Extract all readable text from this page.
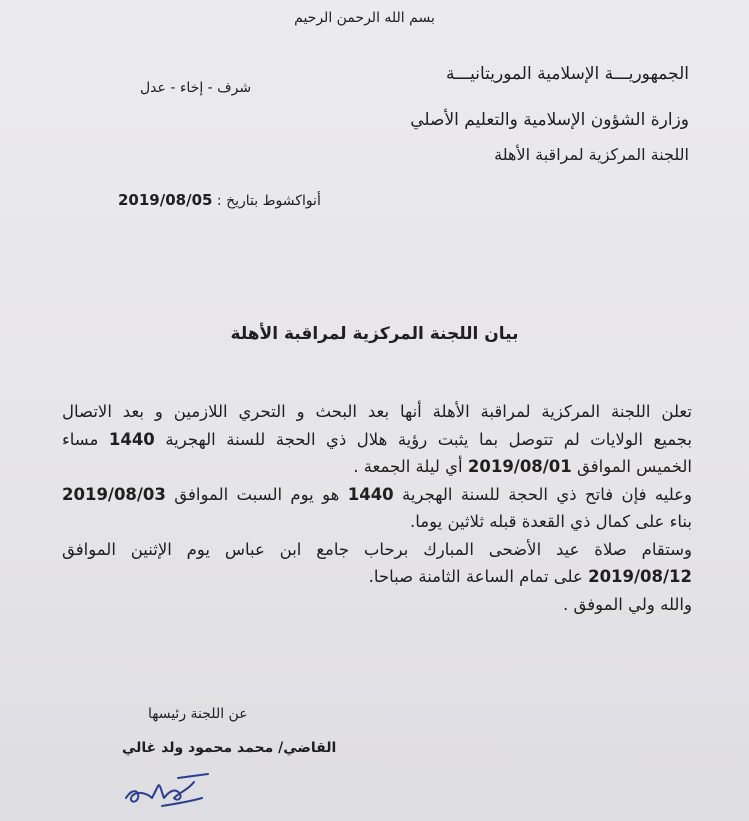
بسم الله الرحمن الرحيم
الجمهوريـــة الإسلامية الموريتانيـــة
وزارة الشؤون الإسلامية والتعليم الأصلي
اللجنة المركزية لمراقبة الأهلة
شرف - إخاء - عدل
أنواكشوط بتاريخ : 2019/08/05
بيان اللجنة المركزية لمراقبة الأهلة

تعلن اللجنة المركزية لمراقبة الأهلة أنها بعد البحث و التحري اللازمين و بعد الاتصال

بجميع الولايات لم تتوصل بما يثبت رؤية هلال ذي الحجة للسنة الهجرية 1440 مساء

الخميس الموافق 2019/08/01 أي ليلة الجمعة .

وعليه فإن فاتح ذي الحجة للسنة الهجرية 1440 هو يوم السبت الموافق 2019/08/03

بناء على كمال ذي القعدة قبله ثلاثين يوما.

وستقام صلاة عيد الأضحى المبارك برحاب جامع ابن عباس يوم الإثنين الموافق

2019/08/12 على تمام الساعة الثامنة صباحا.

والله ولي الموفق .

عن اللجنة رئيسها
القاضي/ محمد محمود ولد غالي
